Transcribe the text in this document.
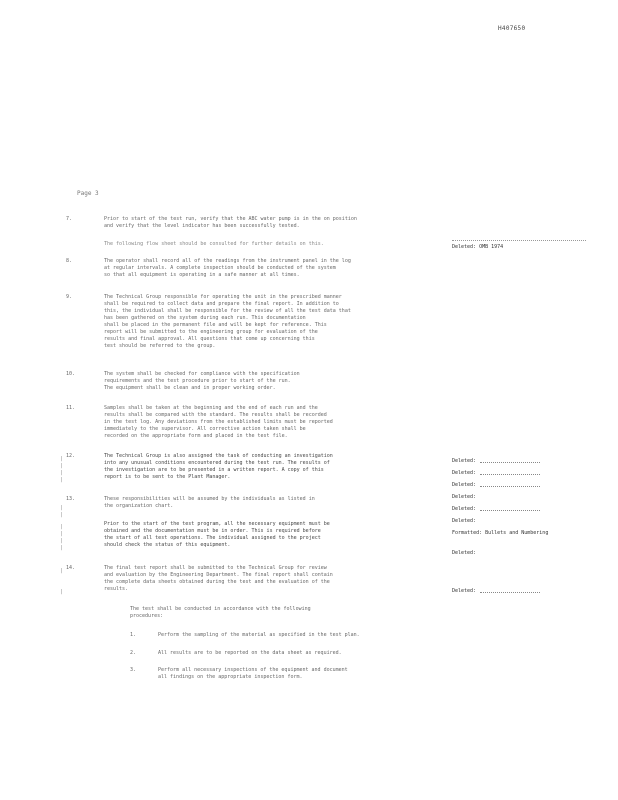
H407650
Page 3
7.	Prior to start of the test run, verify that the ABC water pump is in the on position
and verify that the level indicator has been successfully tested.
The following flow sheet should be consulted for further details on this.
8.	The operator shall record all of the readings from the instrument panel in the log
at regular intervals. A complete inspection should be conducted of the system
so that all equipment is operating in a safe manner at all times.
9.	The Technical Group responsible for operating the unit in the prescribed manner
shall be required to collect data and prepare the final report. In addition to
this, the individual shall be responsible for the review of all the test data that
has been gathered on the system during each run. This documentation
shall be placed in the permanent file and will be kept for reference. This
report will be submitted to the engineering group for evaluation of the
results and final approval. All questions that come up concerning this
test should be referred to the group.
10.	The system shall be checked for compliance with the specification
requirements and the test procedure prior to start of the run.
The equipment shall be clean and in proper working order.
11.	Samples shall be taken at the beginning and the end of each run and the
results shall be compared with the standard. The results shall be recorded
in the test log. Any deviations from the established limits must be reported
immediately to the supervisor. All corrective action taken shall be
recorded on the appropriate form and placed in the test file.
12.	The Technical Group is also assigned the task of conducting an investigation
into any unusual conditions encountered during the test run. The results of
the investigation are to be presented in a written report. A copy of this
report is to be sent to the Plant Manager.
13.	These responsibilities will be assumed by the individuals as listed in
the organization chart.
Prior to the start of the test program, all the necessary equipment must be
obtained and the documentation must be in order. This is required before
the start of all test operations. The individual assigned to the project
should check the status of this equipment.
14.	The final test report shall be submitted to the Technical Group for review
and evaluation by the Engineering Department. The final report shall contain
the complete data sheets obtained during the test and the evaluation of the
results.
The test shall be conducted in accordance with the following
procedures:
1.	Perform the sampling of the material as specified in the test plan.
2.	All results are to be reported on the data sheet as required.
3.	Perform all necessary inspections of the equipment and document
all findings on the appropriate inspection form.
Deleted: OMB 1974
Deleted:
Deleted:
Deleted:
Deleted:
Deleted:
Deleted:
Formatted: Bullets and Numbering
Deleted:
Deleted:
|
|
|
|
|
|
|
|
|
|
|
|
